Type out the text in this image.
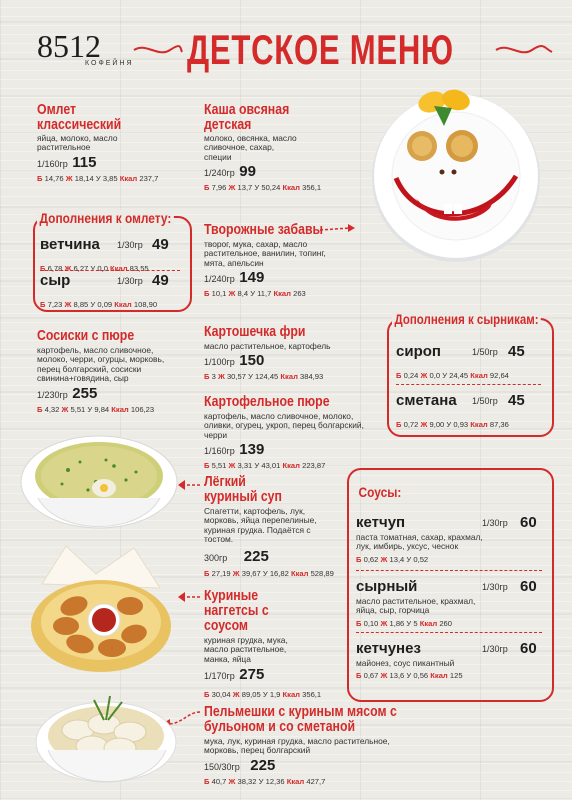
8512
КОФЕЙНЯ ДЕТСКОЕ МЕНЮ
Омлет классический
яйца, молоко, масло растительное
1/160гр 115
Б 14,76 Ж 18,14 У 3,85 Ккал 237,7
Дополнения к омлету:
ветчина 1/30гр 49
Б 6,78 Ж 6,27 У 0,0 Ккал 83,55
сыр	1/30гр 49
Б 7,23 Ж 8,85 У 0,09 Ккал 108,90
Сосиски с пюре
картофель, масло сливочное, молоко, черри, огурцы, морковь, перец болгарский, сосиски свинина+говядина, сыр
1/230гр 255
Б 4,32 Ж 5,51 У 9,84 Ккал 106,23
Каша овсяная детская
молоко, овсянка, масло сливочное, сахар, специи
1/240гр 99
Б 7,96 Ж 13,7 У 50,24 Ккал 356,1
Творожные забавы
творог, мука, сахар, масло растительное, ванилин, топинг, мята, апельсин
1/240гр 149
Б 10,1 Ж 8,4 У 11,7 Ккал 263
Картошечка фри
масло растительное, картофель
1/100гр 150
Б 3 Ж 30,57 У 124,45 Ккал 384,93
Картофельное пюре
картофель, масло сливочное, молоко, оливки, огурец, укроп, перец болгарский, черри
1/160гр 139
Б 5,51 Ж 3,31 У 43,01 Ккал 223,87
Лёгкий куриный суп
Спагетти, картофель, лук, морковь, яйца перепелиные, куриная грудка. Подаётся с тостом.
300гр 225
Б 27,19 Ж 39,67 У 16,82 Ккал 528,89
Куриные наггетсы с соусом
куриная грудка, мука, масло растительное, манка, яйца
1/170гр 275
Б 30,04 Ж 89,05 У 1,9 Ккал 356,1
Пельмешки с куриным мясом с бульоном и со сметаной
мука, лук, куриная грудка, масло растительное, морковь, перец болгарский
150/30гр 225
Б 40,7 Ж 38,32 У 12,36 Ккал 427,7
Дополнения к сырникам:
сироп	1/50гр 45
Б 0,24 Ж 0,0 У 24,45 Ккал 92,64
сметана 1/50гр 45
Б 0,72 Ж 9,00 У 0,93 Ккал 87,36
Соусы:
кетчуп	1/30гр 60
паста томатная, сахар, крахмал, лук, имбирь, уксус, чеснок
Б 0,62 Ж 13,4 У 0,52
сырный	1/30гр 60
масло растительное, крахмал, яйца, сыр, горчица
Б 0,10 Ж 1,86 У 5 Ккал 260
кетчунез	1/30гр 60
майонез, соус пикантный
Б 0,67 Ж 13,6 У 0,56 Ккал 125
